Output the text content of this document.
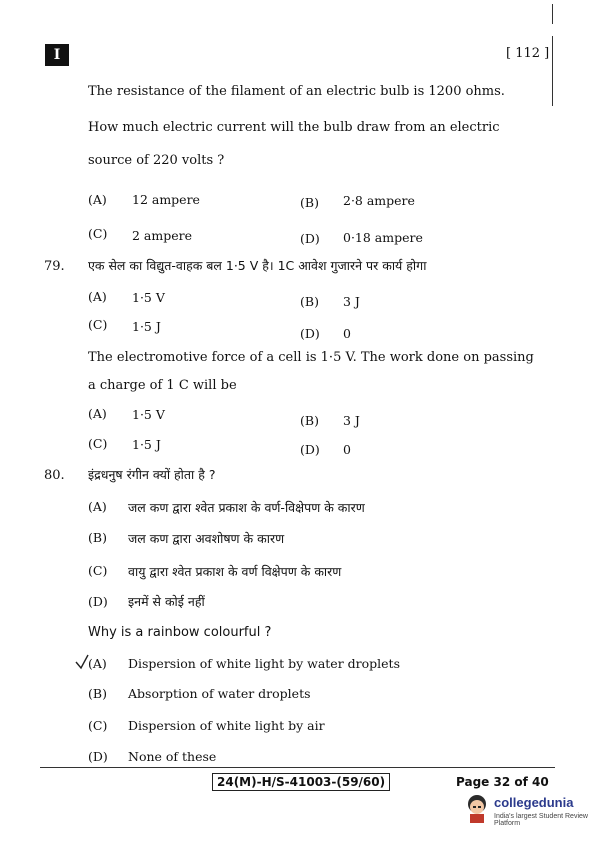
I	[ 112 ]
The resistance of the filament of an electric bulb is 1200 ohms.
How much electric current will the bulb draw from an electric
source of 220 volts ?
(A) 12 ampere	(B) 2·8 ampere
(C) 2 ampere	(D) 0·18 ampere
79. एक सेल का विद्युत-वाहक बल 1·5 V है। 1C आवेश गुजारने पर कार्य होगा
(A) 1·5 V	(B) 3 J
(C) 1·5 J	(D) 0
The electromotive force of a cell is 1·5 V. The work done on passing
a charge of 1 C will be
(A) 1·5 V	(B) 3 J
(C) 1·5 J	(D) 0
80. इंद्रधनुष रंगीन क्यों होता है ?
(A) जल कण द्वारा श्वेत प्रकाश के वर्ण-विक्षेपण के कारण
(B) जल कण द्वारा अवशोषण के कारण
(C) वायु द्वारा श्वेत प्रकाश के वर्ण विक्षेपण के कारण
(D) इनमें से कोई नहीं
Why is a rainbow colourful ?
(A) Dispersion of white light by water droplets
(B) Absorption of water droplets
(C) Dispersion of white light by air
(D) None of these
24(M)-H/S-41003-(59/60)	Page 32 of 40
collegedunia
India's largest Student Review Platform
